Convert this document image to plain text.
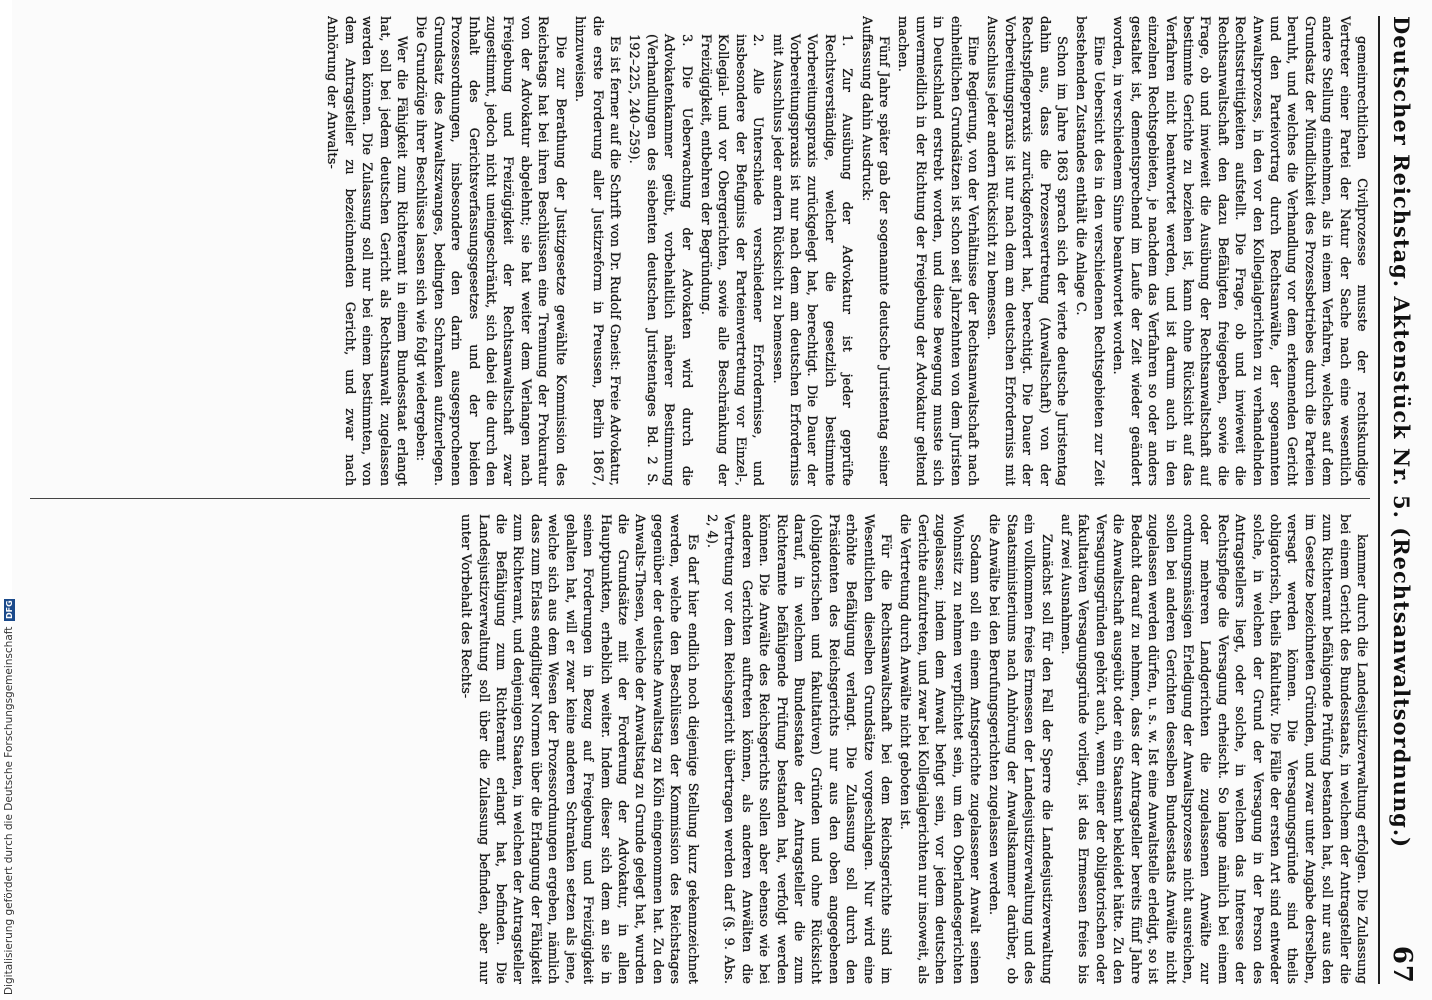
Deutscher Reichstag. Aktenstück Nr. 5. (Rechtsanwaltsordnung.)
67

gemeinrechtlichen Civilprozesse musste der rechtskundige Vertreter einer Partei der Natur der Sache nach eine wesentlich andere Stellung einnehmen, als in einem Verfahren, welches auf dem Grundsatz der Mündlichkeit des Prozessbetriebes durch die Parteien beruht, und welches die Verhandlung vor dem erkennenden Gericht und den Parteivortrag durch Rechtsanwälte, der sogenannten Anwaltsprozess, in den vor den Kollegialgerichten zu verhandelnden Rechtsstreitigkeiten aufstellt. Die Frage, ob und inwieweit die Rechtsanwaltschaft den dazu Befähigten freigegeben, sowie die Frage, ob und inwieweit die Ausübung der Rechtsanwaltschaft auf bestimmte Gerichte zu beziehen ist, kann ohne Rücksicht auf das Verfahren nicht beantwortet werden, und ist darum auch in den einzelnen Rechtsgebieten, je nachdem das Verfahren so oder anders gestaltet ist, dementsprechend im Laufe der Zeit wieder geändert worden, in verschiedenem Sinne beantwortet worden.

Eine Uebersicht des in den verschiedenen Rechtsgebieten zur Zeit bestehenden Zustandes enthält die Anlage C.

Schon im Jahre 1863 sprach sich der vierte deutsche Juristentag dahin aus, dass die Prozessvertretung (Anwaltschaft) von der Rechtspflegepraxis zurückgefordert hat, berechtigt. Die Dauer der Vorbereitungspraxis ist nur nach dem am deutschen Erforderniss mit Ausschluss jeder andern Rücksicht zu bemessen.

Eine Regierung, von der Verhältnisse der Rechtsanwaltschaft nach einheitlichen Grundsätzen ist schon seit Jahrzehnten von dem Juristen in Deutschland erstrebt worden, und diese Bewegung musste sich unvermeidlich in der Richtung der Freigebung der Advokatur geltend machen.

Fünf Jahre später gab der sogenannte deutsche Juristentag seiner Auffassung dahin Ausdruck:

1. Zur Ausübung der Advokatur ist jeder geprüfte Rechtsverständige, welcher die gesetzlich bestimmte Vorbereitungspraxis zurückgelegt hat, berechtigt. Die Dauer der Vorbereitungspraxis ist nur nach dem am deutschen Erforderniss mit Ausschluss jeder andern Rücksicht zu bemessen.

2. Alle Unterschiede verschiedener Erfordernisse, und insbesondere der Befugniss der Parteienvertretung vor Einzel-, Kollegial- und vor Obergerichten, sowie alle Beschränkung der Freizügigkeit, entbehren der Begründung.

3. Die Ueberwachung der Advokaten wird durch die Advokatenkammer geübt, vorbehaltlich näherer Bestimmung (Verhandlungen des siebenten deutschen Juristentages Bd. 2 S. 192–225, 240–259).

Es ist ferner auf die Schrift von Dr. Rudolf Gneist: Freie Advokatur, die erste Forderung aller Justizreform in Preussen, Berlin 1867, hinzuweisen.

Die zur Berathung der Justizgesetze gewählte Kommission des Reichstags hat bei ihren Beschlüssen eine Trennung der Prokuratur von der Advokatur abgelehnt; sie hat weiter dem Verlangen nach Freigebung und Freizügigkeit der Rechtsanwaltschaft zwar zugestimmt, jedoch nicht uneingeschränkt, sich dabei die durch den Inhalt des Gerichtsverfassungsgesetzes und der beiden Prozessordnungen, insbesondere den darin ausgesprochenen Grundsatz des Anwaltszwanges, bedingten Schranken aufzuerlegen. Die Grundzüge ihrer Beschlüsse lassen sich wie folgt wiedergeben:

Wer die Fähigkeit zum Richteramt in einem Bundesstaat erlangt hat, soll bei jedem deutschen Gericht als Rechtsanwalt zugelassen werden können. Die Zulassung soll nur bei einem bestimmten, von dem Antragsteller zu bezeichnenden Gericht, und zwar nach Anhörung der Anwalts-

kammer durch die Landesjustizverwaltung erfolgen. Die Zulassung bei einem Gericht des Bundesstaats, in welchem der Antragsteller die zum Richteramt befähigende Prüfung bestanden hat, soll nur aus den im Gesetze bezeichneten Gründen, und zwar unter Angabe derselben, versagt werden können. Die Versagungsgründe sind theils obligatorisch, theils fakultativ. Die Fälle der ersten Art sind entweder solche, in welchen der Grund der Versagung in der Person des Antragstellers liegt, oder solche, in welchen das Interesse der Rechtspflege die Versagung erheischt. So lange nämlich bei einem oder mehreren Landgerichten die zugelassenen Anwälte zur ordnungsmässigen Erledigung der Anwaltsprozesse nicht ausreichen, sollen bei anderen Gerichten desselben Bundesstaats Anwälte nicht zugelassen werden dürfen, u. s. w. Ist eine Anwaltstelle erledigt, so ist Bedacht darauf zu nehmen, dass der Antragsteller bereits fünf Jahre die Anwaltschaft ausgeübt oder ein Staatsamt bekleidet hätte. Zu den Versagungsgründen gehört auch, wenn einer der obligatorischen oder fakultativen Versagungsgründe vorliegt, ist das Ermessen freies bis auf zwei Ausnahmen.

Zunächst soll für den Fall der Sperre die Landesjustizverwaltung ein vollkommen freies Ermessen der Landesjustizverwaltung und des Staatsministeriums nach Anhörung der Anwaltskammer darüber, ob die Anwälte bei den Berufungsgerichten zugelassen werden.

Sodann soll ein einem Amtsgerichte zugelassener Anwalt seinen Wohnsitz zu nehmen verpflichtet sein, um den Oberlandesgerichten zugelassen; indem dem Anwalt befugt sein, vor jedem deutschen Gerichte aufzutreten, und zwar bei Kollegialgerichten nur insoweit, als die Vertretung durch Anwälte nicht geboten ist.

Für die Rechtsanwaltschaft bei dem Reichsgerichte sind im Wesentlichen dieselben Grundsätze vorgeschlagen. Nur wird eine erhöhte Befähigung verlangt. Die Zulassung soll durch den Präsidenten des Reichsgerichts nur aus den oben angegebenen (obligatorischen und fakultativen) Gründen und ohne Rücksicht darauf, in welchem Bundesstaate der Antragsteller die zum Richteramte befähigende Prüfung bestanden hat, verfolgt werden können. Die Anwälte des Reichsgerichts sollen aber ebenso wie bei anderen Gerichten auftreten können, als anderen Anwälten die Vertretung vor dem Reichsgericht übertragen werden darf (§. 9. Abs. 2, 4).

Es darf hier endlich noch diejenige Stellung kurz gekennzeichnet werden, welche den Beschlüssen der Kommission des Reichstages gegenüber der deutsche Anwaltstag zu Köln eingenommen hat. Zu den Anwalts-Thesen, welche der Anwaltstag zu Grunde gelegt hat, wurden die Grundsätze mit der Forderung der Advokatur, in allen Hauptpunkten, erheblich weiter. Indem dieser sich dem an sie in seinen Forderungen in Bezug auf Freigebung und Freizügigkeit gehalten hat, will er zwar keine anderen Schranken setzen als jene, welche sich aus dem Wesen der Prozessordnungen ergeben, nämlich dass zum Erlass endgiltiger Normen über die Erlangung der Fähigkeit zum Richteramt, und denjenigen Staaten, in welchen der Antragsteller die Befähigung zum Richteramt erlangt hat, befinden. Die Landesjustizverwaltung soll über die Zulassung befinden, aber nur unter Vorbehalt des Rechts-

Digitalisierung gefördert durch die Deutsche Forschungsgemeinschaft
DFG
